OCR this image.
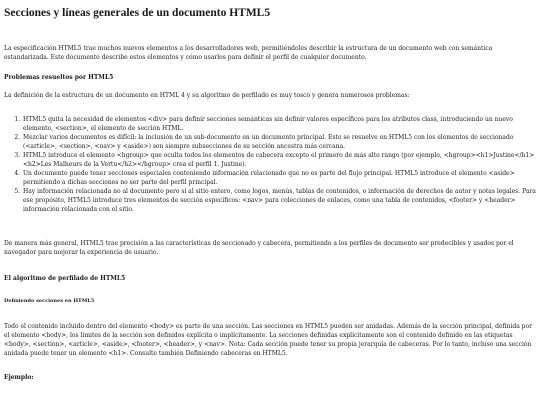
Secciones y líneas generales de un documento HTML5

La especificación HTML5 trae muchos nuevos elementos a los desarrolladores web, permitiéndoles describir la estructura de un documento web con semántica estandarizada. Este documento describe estos elementos y cómo usarlos para definir el perfil de cualquier documento.

Problemas resueltos por HTML5

La definición de la estructura de un documento en HTML 4 y su algoritmo de perfilado es muy tosco y genera numerosos problemas:

1. HTML5 quita la necesidad de elementos <div> para definir secciones semánticas sin definir valores específicos para los atributos class, introduciendo un nuevo elemento, <section>, el elemento de sección HTML.
2. Mezclar varios documentos es difícil: la inclusión de un sub-documento en un documento principal. Esto se resuelve en HTML5 con los elementos de seccionado (<article>, <section>, <nav> y <aside>) son siempre subsecciones de su sección ancestra más cercana.
3. HTML5 introduce el elemento <hgroup> que oculta todos los elementos de cabecera excepto el primero de más alto rango (por ejemplo, <hgroup><h1>Justine</h1><h2>Les Malheurs de la Vertu</h2></hgroup> crea el perfil 1. Justine).
4. Un documento puede tener secciones especiales conteniendo información relacionado que no es parte del flujo principal. HTML5 introduce el elemento <aside> permitiendo a dichas secciones no ser parte del perfil principal.
5. Hay información relacionada no al documento pero sí al sitio entero, como logos, menús, tablas de contenidos, o información de derechos de autor y notas legales. Para ese propósito, HTML5 introduce tres elementos de sección específicos: <nav> para colecciones de enlaces, como una tabla de contenidos, <footer> y <header> información relacionada con el sitio.

De manera más general, HTML5 trae precisión a las características de seccionado y cabecera, permitiendo a los perfiles de documento ser predecibles y usados por el navegador para mejorar la experiencia de usuario.

El algoritmo de perfilado de HTML5
Definiendo secciones en HTML5

Todo el contenido incluido dentro del elemento <body> es parte de una sección. Las secciones en HTML5 pueden ser anidadas. Además de la sección principal, definida por el elemento <body>, los límites de la sección son definidos explícita o implícitamente. La secciones definidas explícitamente son el contenido definido en las etiquetas <body>, <section>, <article>, <aside>, <footer>, <header>, y <nav>. Nota: Cada sección puede tener su propia jerarquía de cabeceras. Por lo tanto, incluso una sección anidada puede tener un elemento <h1>. Consulte también Definiendo cabeceras en HTML5.

Ejemplo:
